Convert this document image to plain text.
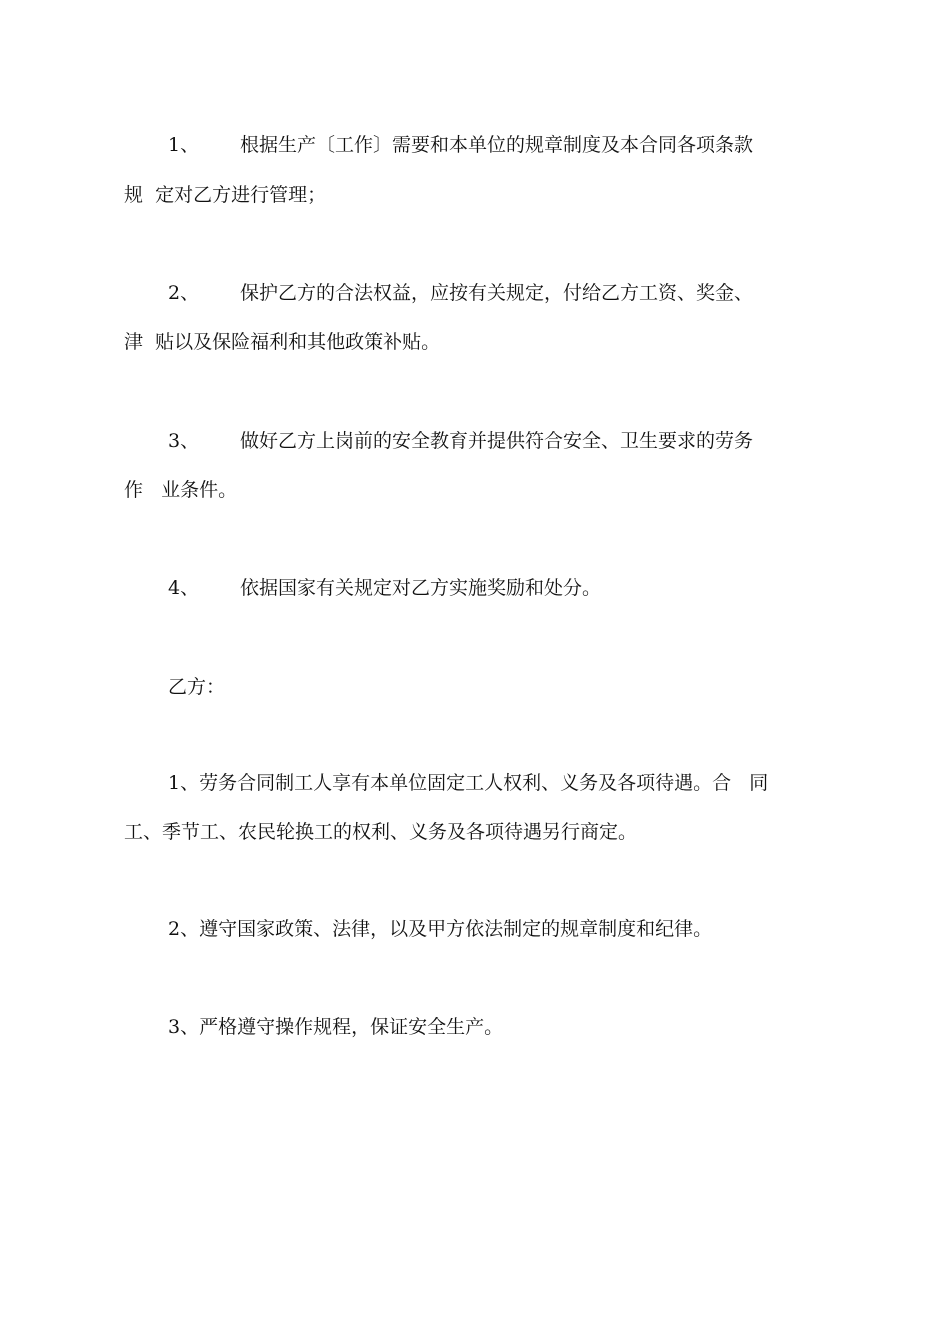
1、 根据生产〔工作〕需要和本单位的规章制度及本合同各项条款
规  定对乙方进行管理；
2、 保护乙方的合法权益，应按有关规定，付给乙方工资、奖金、
津  贴以及保险福利和其他政策补贴。
3、 做好乙方上岗前的安全教育并提供符合安全、卫生要求的劳务
作   业条件。
4、 依据国家有关规定对乙方实施奖励和处分。
乙方：
1、劳务合同制工人享有本单位固定工人权利、义务及各项待遇。合   同
工、季节工、农民轮换工的权利、义务及各项待遇另行商定。
2、遵守国家政策、法律，以及甲方依法制定的规章制度和纪律。
3、严格遵守操作规程，保证安全生产。
